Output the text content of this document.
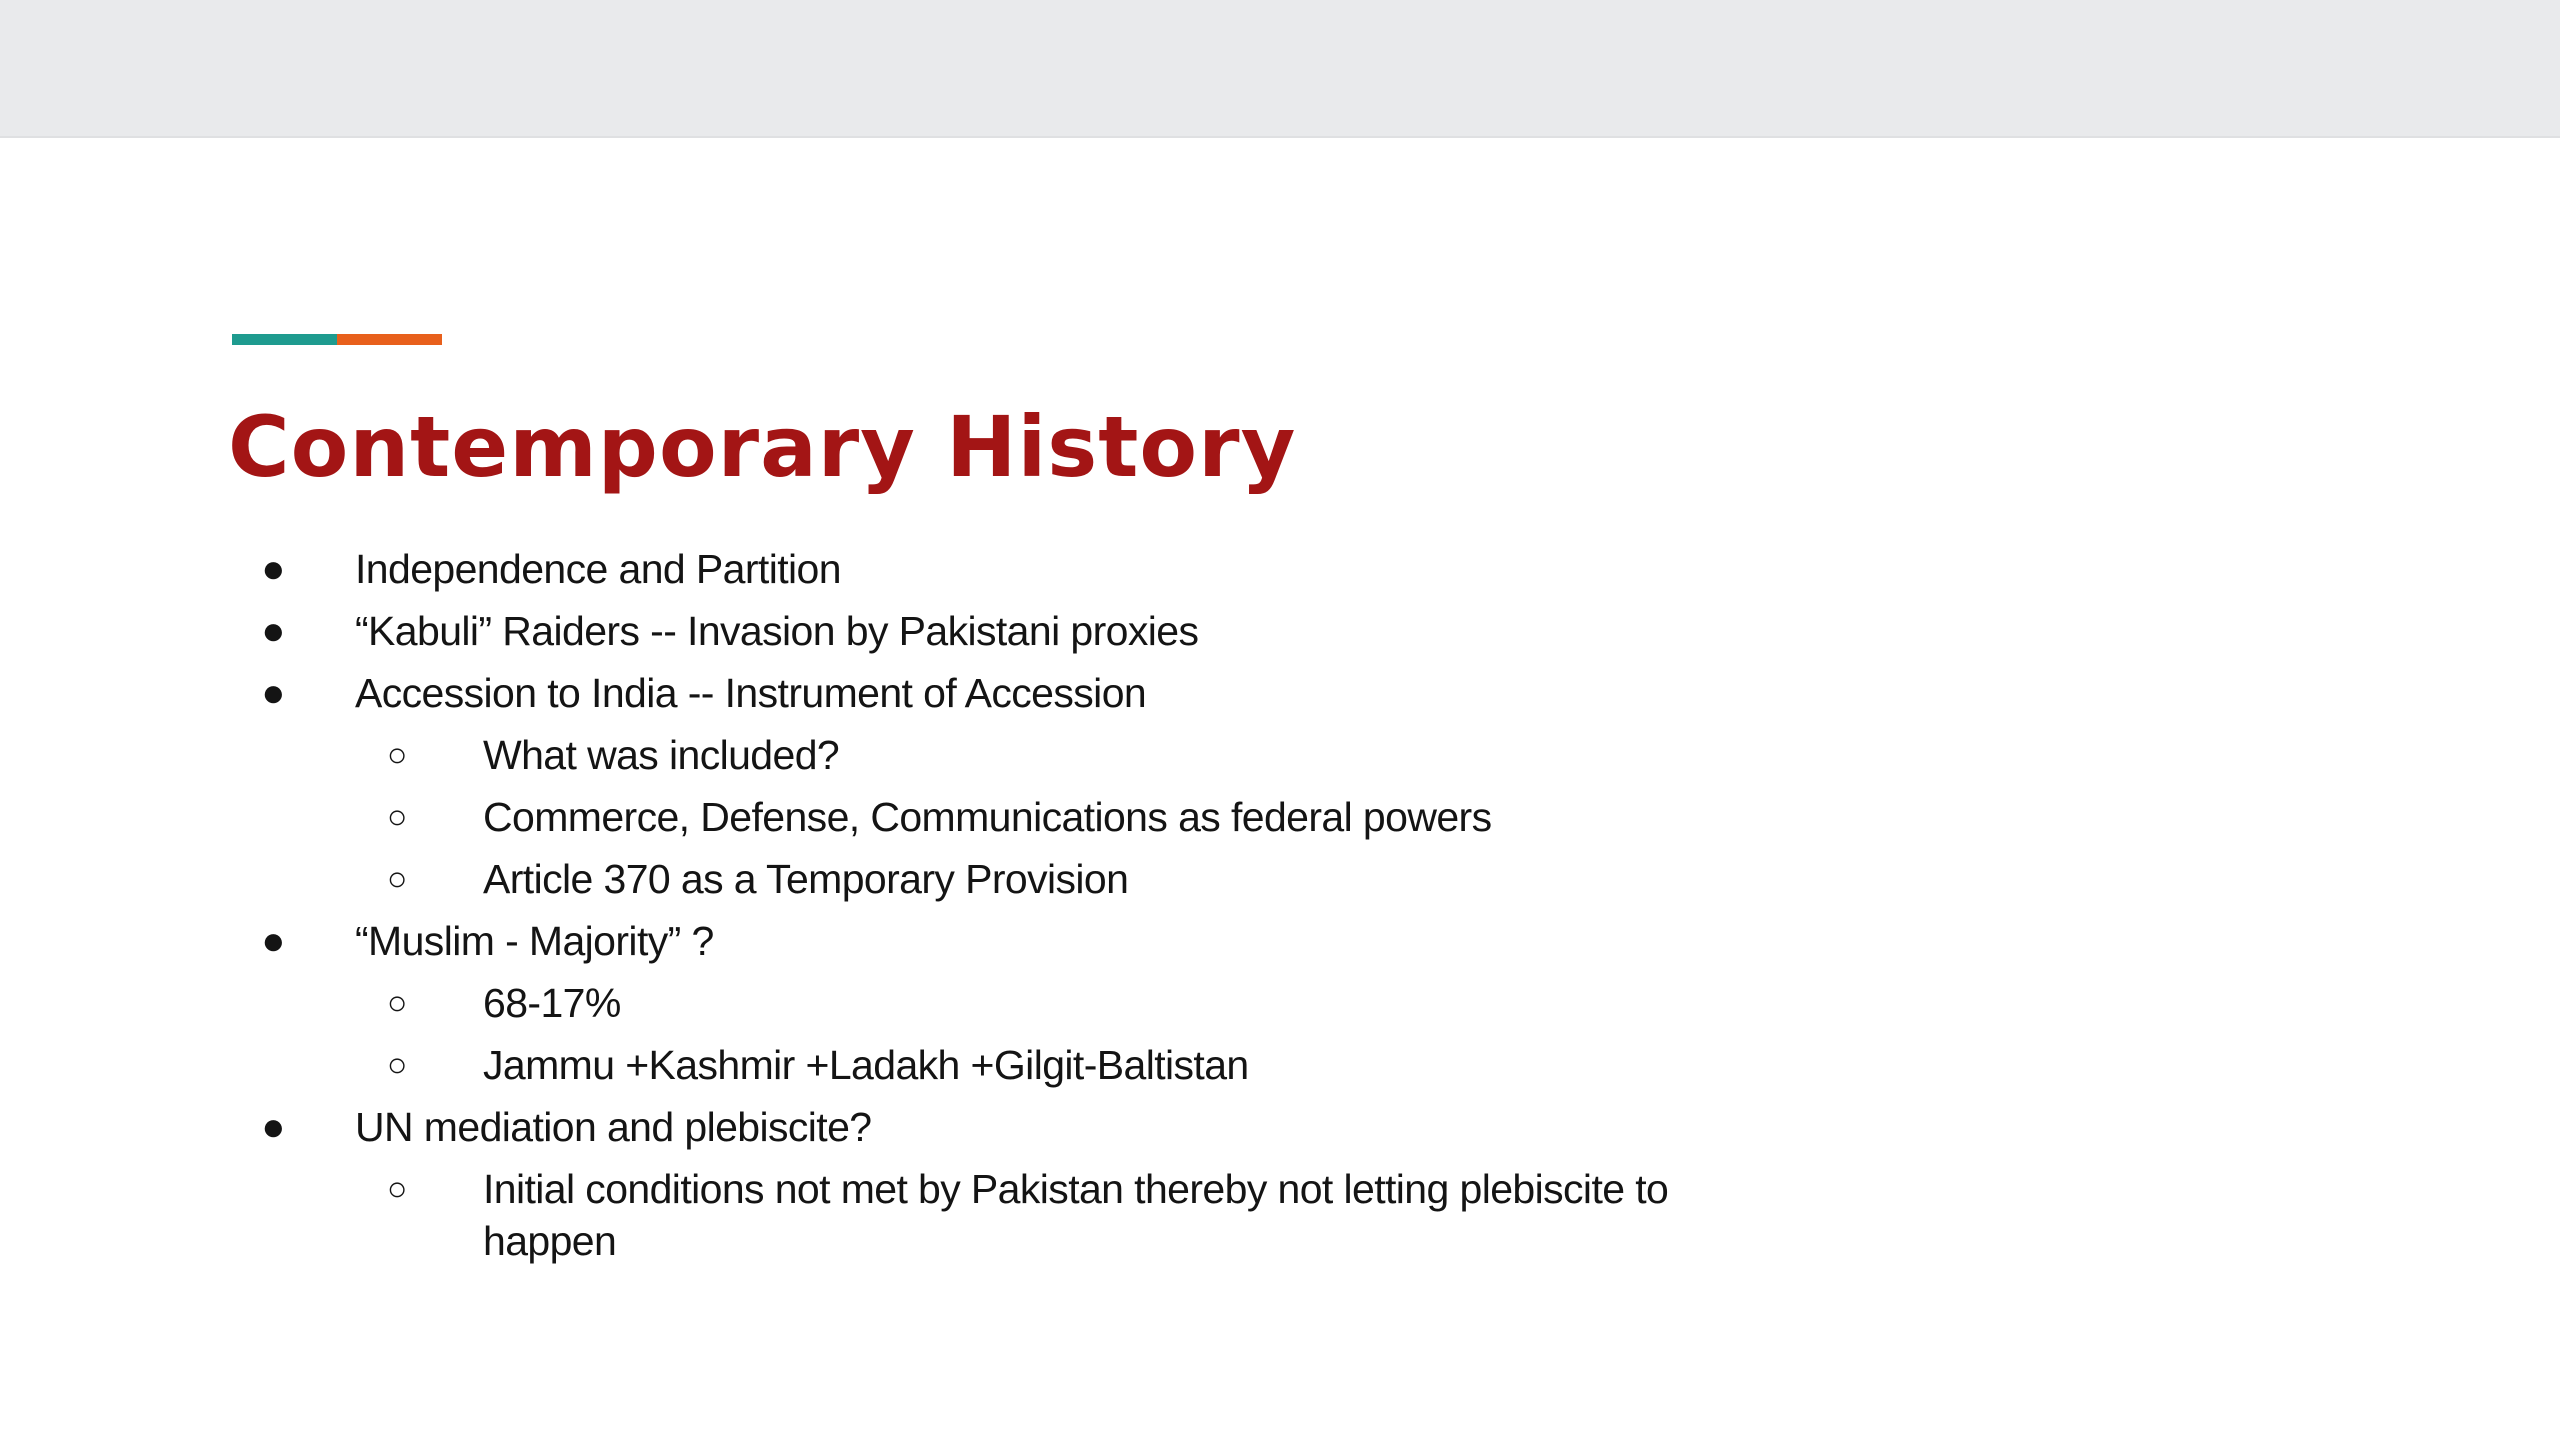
Contemporary History
● Independence and Partition
● “Kabuli” Raiders -- Invasion by Pakistani proxies
● Accession to India -- Instrument of Accession
○ What was included?
○ Commerce, Defense, Communications as federal powers
○ Article 370 as a Temporary Provision
● “Muslim - Majority” ?
○ 68-17%
○ Jammu +Kashmir +Ladakh +Gilgit-Baltistan
● UN mediation and plebiscite?
○ Initial conditions not met by Pakistan thereby not letting plebiscite to happen
